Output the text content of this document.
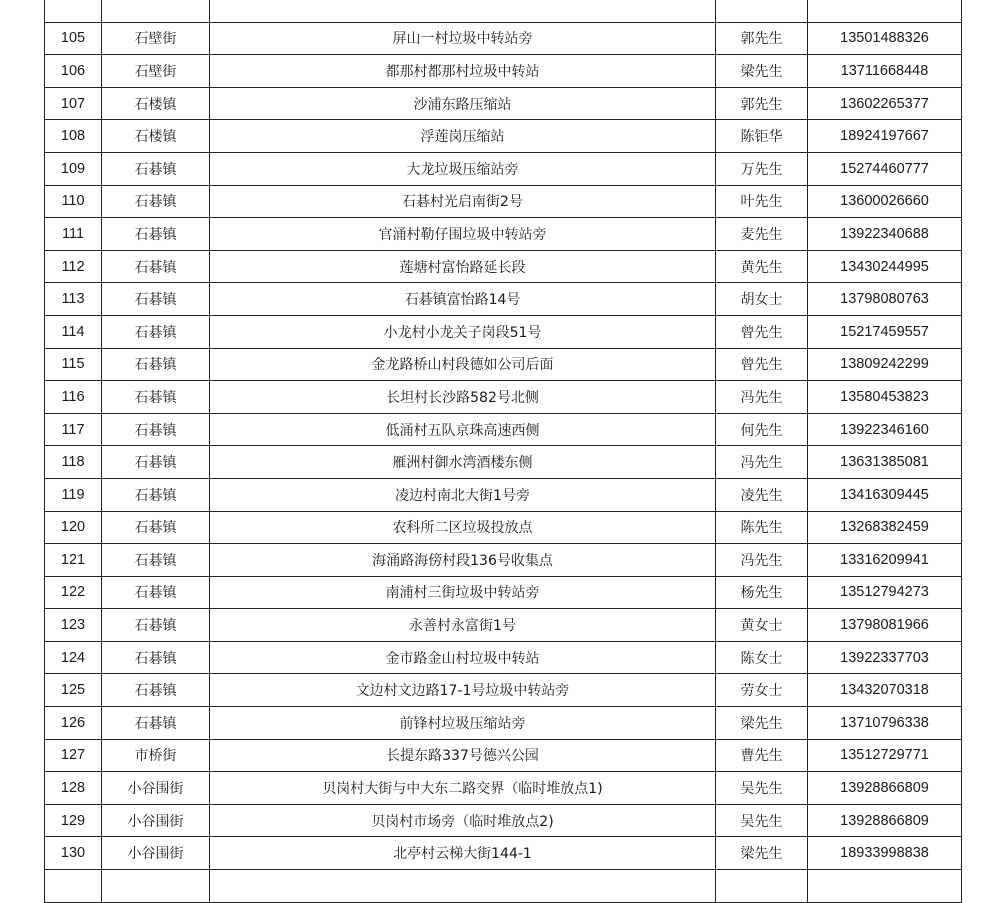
105	石壁街	屏山一村垃圾中转站旁	郭先生	13501488326
106	石壁街	都那村都那村垃圾中转站	梁先生	13711668448
107	石楼镇	沙浦东路压缩站	郭先生	13602265377
108	石楼镇	浮莲岗压缩站	陈钜华	18924197667
109	石碁镇	大龙垃圾压缩站旁	万先生	15274460777
110	石碁镇	石碁村光启南街2号	叶先生	13600026660
111	石碁镇	官涌村勒仔围垃圾中转站旁	麦先生	13922340688
112	石碁镇	莲塘村富怡路延长段	黄先生	13430244995
113	石碁镇	石碁镇富怡路14号	胡女士	13798080763
114	石碁镇	小龙村小龙关子岗段51号	曾先生	15217459557
115	石碁镇	金龙路桥山村段德如公司后面	曾先生	13809242299
116	石碁镇	长坦村长沙路582号北侧	冯先生	13580453823
117	石碁镇	低涌村五队京珠高速西侧	何先生	13922346160
118	石碁镇	雁洲村御水湾酒楼东侧	冯先生	13631385081
119	石碁镇	凌边村南北大街1号旁	凌先生	13416309445
120	石碁镇	农科所二区垃圾投放点	陈先生	13268382459
121	石碁镇	海涌路海傍村段136号收集点	冯先生	13316209941
122	石碁镇	南浦村三街垃圾中转站旁	杨先生	13512794273
123	石碁镇	永善村永富街1号	黄女士	13798081966
124	石碁镇	金市路金山村垃圾中转站	陈女士	13922337703
125	石碁镇	文边村文边路17-1号垃圾中转站旁	劳女士	13432070318
126	石碁镇	前锋村垃圾压缩站旁	梁先生	13710796338
127	市桥街	长提东路337号德兴公园	曹先生	13512729771
128	小谷围街	贝岗村大街与中大东二路交界（临时堆放点1)	吴先生	13928866809
129	小谷围街	贝岗村市场旁（临时堆放点2)	吴先生	13928866809
130	小谷围街	北亭村云梯大街144-1	梁先生	18933998838
